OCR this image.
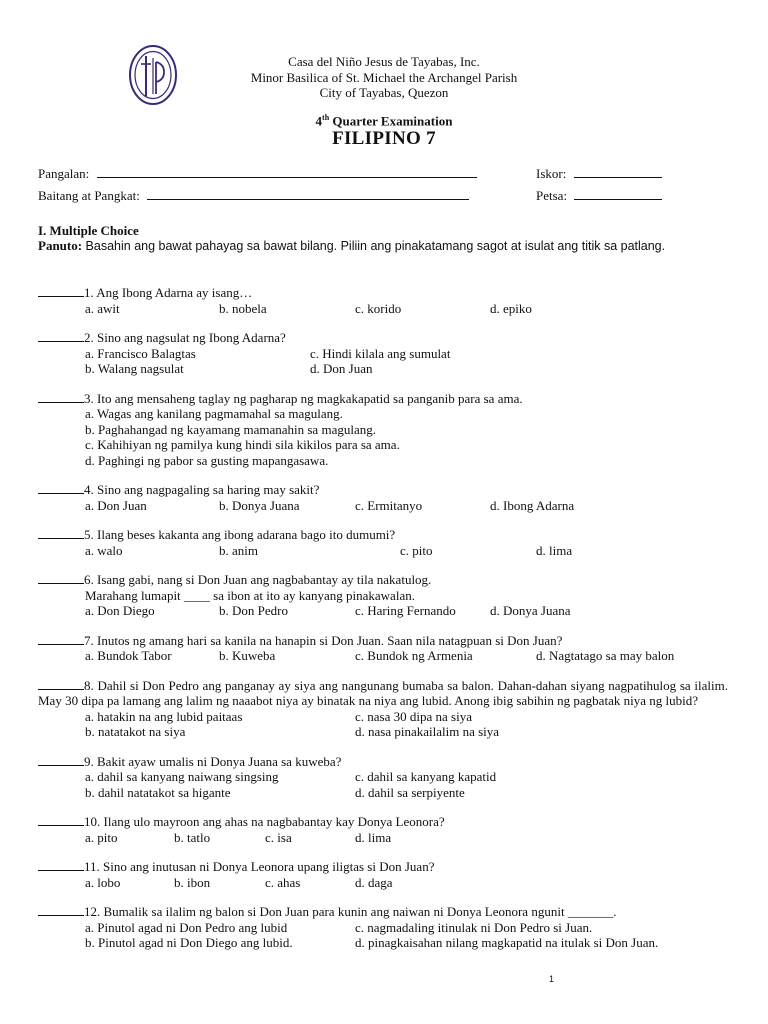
Casa del Niño Jesus de Tayabas, Inc.
Minor Basilica of St. Michael the Archangel Parish
City of Tayabas, Quezon
4th Quarter Examination
FILIPINO 7
Pangalan:	Iskor:
Baitang at Pangkat:	Petsa:
I. Multiple Choice
Panuto: Basahin ang bawat pahayag sa bawat bilang. Piliin ang pinakatamang sagot at isulat ang titik sa patlang.
1. Ang Ibong Adarna ay isang…
a. awit	b. nobela	c. korido	d. epiko
2. Sino ang nagsulat ng Ibong Adarna?
a. Francisco Balagtas	c. Hindi kilala ang sumulat
b. Walang nagsulat	d. Don Juan
3. Ito ang mensaheng taglay ng pagharap ng magkakapatid sa panganib para sa ama.
a. Wagas ang kanilang pagmamahal sa magulang.
b. Paghahangad ng kayamang mamanahin sa magulang.
c. Kahihiyan ng pamilya kung hindi sila kikilos para sa ama.
d. Paghingi ng pabor sa gusting mapangasawa.
4. Sino ang nagpagaling sa haring may sakit?
a. Don Juan	b. Donya Juana	c. Ermitanyo	d. Ibong Adarna
5. Ilang beses kakanta ang ibong adarana bago ito dumumi?
a. walo	b. anim	c. pito	d. lima
6. Isang gabi, nang si Don Juan ang nagbabantay ay tila nakatulog.
Marahang lumapit ____ sa ibon at ito ay kanyang pinakawalan.
a. Don Diego	b. Don Pedro	c. Haring Fernando	d. Donya Juana
7. Inutos ng amang hari sa kanila na hanapin si Don Juan. Saan nila natagpuan si Don Juan?
a. Bundok Tabor	b. Kuweba	c. Bundok ng Armenia	d. Nagtatago sa may balon
8. Dahil si Don Pedro ang panganay ay siya ang nangunang bumaba sa balon. Dahan-dahan siyang nagpatihulog sa ilalim. May 30 dipa pa lamang ang lalim ng naaabot niya ay binatak na niya ang lubid. Anong ibig sabihin ng pagbatak niya ng lubid?
a. hatakin na ang lubid paitaas	c. nasa 30 dipa na siya
b. natatakot na siya	d. nasa pinakailalim na siya
9. Bakit ayaw umalis ni Donya Juana sa kuweba?
a. dahil sa kanyang naiwang singsing	c. dahil sa kanyang kapatid
b. dahil natatakot sa higante	d. dahil sa serpiyente
10. Ilang ulo mayroon ang ahas na nagbabantay kay Donya Leonora?
a. pito	b. tatlo	c. isa	d. lima
11. Sino ang inutusan ni Donya Leonora upang iligtas si Don Juan?
a. lobo	b. ibon	c. ahas	d. daga
12. Bumalik sa ilalim ng balon si Don Juan para kunin ang naiwan ni Donya Leonora ngunit _______.
a. Pinutol agad ni Don Pedro ang lubid	c. nagmadaling itinulak ni Don Pedro si Juan.
b. Pinutol agad ni Don Diego ang lubid.	d. pinagkaisahan nilang magkapatid na itulak si Don Juan.
1
